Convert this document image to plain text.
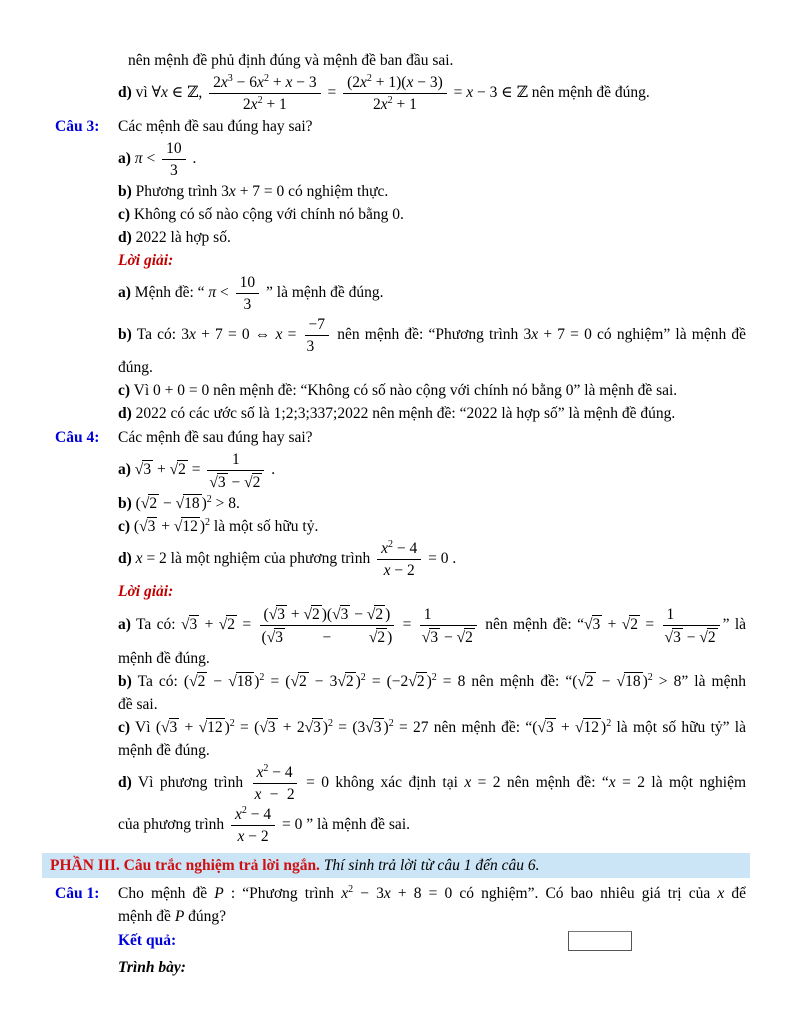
nên mệnh đề phủ định đúng và mệnh đề ban đầu sai.
d) vì ∀x ∈ ℤ, $\frac{2x^3 - 6x^2 + x - 3}{2x^2 + 1} = \frac{(2x^2 + 1)(x - 3)}{2x^2 + 1} = x - 3$ ∈ ℤ nên mệnh đề đúng.
Câu 3: Các mệnh đề sau đúng hay sai?
a) $\pi < \frac{10}{3}$ .
b) Phương trình 3x + 7 = 0 có nghiệm thực.
c) Không có số nào cộng với chính nó bằng 0.
d) 2022 là hợp số.
Lời giải:
a) Mệnh đề: “ $\pi < \frac{10}{3}$ ” là mệnh đề đúng.
b) Ta có: 3x + 7 = 0 ⇔ $x = \frac{-7}{3}$ nên mệnh đề: “Phương trình 3x + 7 = 0 có nghiệm” là mệnh đề
đúng.
c) Vì 0 + 0 = 0 nên mệnh đề: “Không có số nào cộng với chính nó bằng 0” là mệnh đề sai.
d) 2022 có các ước số là 1;2;3;337;2022 nên mệnh đề: “2022 là hợp số” là mệnh đề đúng.
Câu 4: Các mệnh đề sau đúng hay sai?
a) $√3 + √2 = \frac{1}{√3 - √2}$ .
b) (√2 − √18 )$^2$ > 8.
c) (√3 + √12 )$^2$ là một số hữu tỷ.
d) x = 2 là một nghiệm của phương trình $\frac{x^2 - 4}{x - 2} = 0$ .
Lời giải:
a) Ta có: $√3 + √2 = \frac{(√3 + √2 )(√3 - √2 )}{(√3 - √2 )} = \frac{1}{√3 - √2}$ nên mệnh đề: “$√3 + √2 = \frac{1}{√3 - √2}$ ” là
mệnh đề đúng.
b) Ta có: (√2 − √18 )$^2$ = (√2 − 3√2 )$^2$ = (−2√2 )$^2$ = 8 nên mệnh đề: “(√2 − √18 )$^2$ > 8” là mệnh
đề sai.
c) Vì (√3 + √12 )$^2$ = (√3 + 2√3 )$^2$ = (3√3 )$^2$ = 27 nên mệnh đề: “(√3 + √12 )$^2$ là một số hữu tỷ” là
mệnh đề đúng.
d) Vì phương trình $\frac{x^2 - 4}{x - 2} = 0$ không xác định tại x = 2 nên mệnh đề: “x = 2 là một nghiệm
của phương trình $\frac{x^2 - 4}{x - 2} = 0$ ” là mệnh đề sai.
PHẦN III. Câu trắc nghiệm trả lời ngắn. Thí sinh trả lời từ câu 1 đến câu 6.
Câu 1: Cho mệnh đề P : “Phương trình $x^2 - 3x + 8 = 0$ có nghiệm”. Có bao nhiêu giá trị của x để
mệnh đề P đúng?
Kết quả:
Trình bày:
